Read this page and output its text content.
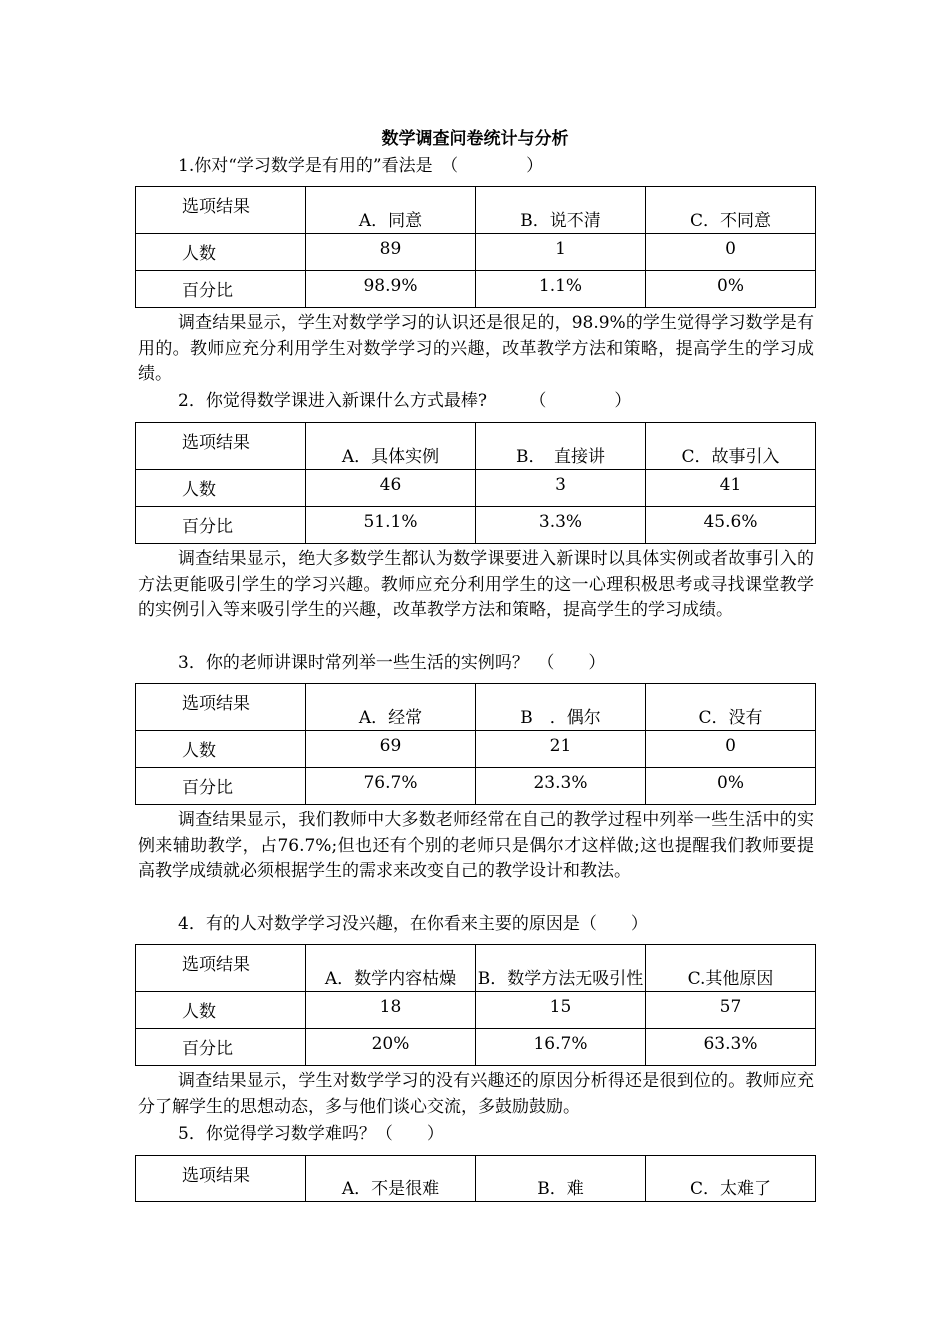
数学调查问卷统计与分析
1.你对“学习数学是有用的”看法是　（　　　　）
选项结果	A．同意	B．说不清	C．不同意
人数	89	1	0
百分比	98.9%	1.1%	0%
调查结果显示，学生对数学学习的认识还是很足的，98.9%的学生觉得学习数学是有用的。教师应充分利用学生对数学学习的兴趣，改革教学方法和策略，提高学生的学习成绩。
2．你觉得数学课进入新课什么方式最棒?　　　（　　　　）
选项结果	A．具体实例	B．　直接讲	C．故事引入
人数	46	3	41
百分比	51.1%	3.3%	45.6%
调查结果显示，绝大多数学生都认为数学课要进入新课时以具体实例或者故事引入的方法更能吸引学生的学习兴趣。教师应充分利用学生的这一心理积极思考或寻找课堂教学的实例引入等来吸引学生的兴趣，改革教学方法和策略，提高学生的学习成绩。
3．你的老师讲课时常列举一些生活的实例吗？　（　　）
选项结果	A．经常	B　．偶尔	C．没有
人数	69	21	0
百分比	76.7%	23.3%	0%
调查结果显示，我们教师中大多数老师经常在自己的教学过程中列举一些生活中的实例来辅助教学，占76.7%;但也还有个别的老师只是偶尔才这样做;这也提醒我们教师要提高教学成绩就必须根据学生的需求来改变自己的教学设计和教法。
4．有的人对数学学习没兴趣，在你看来主要的原因是（　　）
选项结果	A．数学内容枯燥	B．数学方法无吸引性	C.其他原因
人数	18	15	57
百分比	20%	16.7%	63.3%
调查结果显示，学生对数学学习的没有兴趣还的原因分析得还是很到位的。教师应充分了解学生的思想动态，多与他们谈心交流，多鼓励鼓励。
5．你觉得学习数学难吗？（　　）
选项结果	A．不是很难	B．难	C．太难了
